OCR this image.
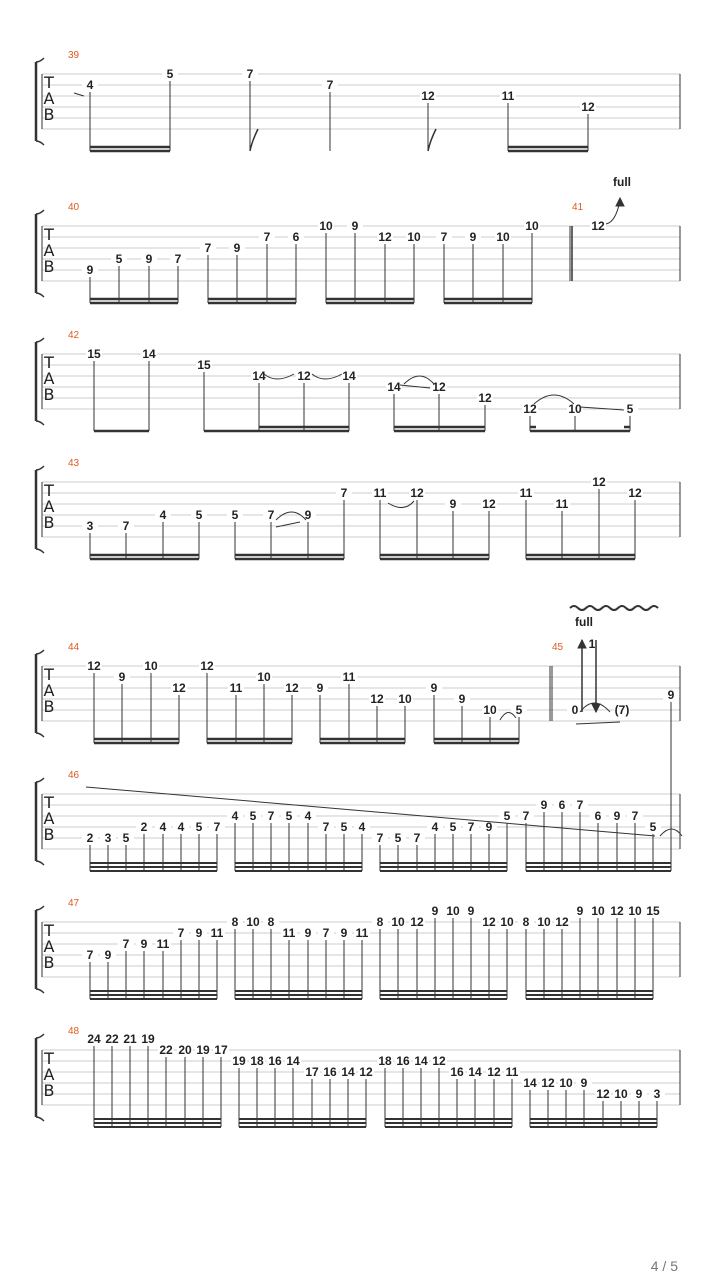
T
A
B
39
4
5	7
7
12	11
12
T
A
B
40	41
9
5 9 7
7 9
7 6
10 9
12 10 7 9 10
10	12
full
T
A
B
42
15	14
15
14	12	14
14	12
12
12	10	5
T
A
B
43
3 7
4 5 5 7	9
7 11 12
9 12
11
11
12
12
T
A
B
44	45
12
9
10
12
12
11
10
12 9
11
12 10
9
9
10 5
1
0	(7)
full
T
A
B
46
2 3 5
2 4 4 5 7
4 5 7 5 4
7 5 4
7 5 7
4 5 7 9
5 7
9 6 7
6 9 7
5
9
T
A
B
47
7 9
7 9 11
7 9 11
8 10 8
11 9 7 9 11
8 10 12
9 10 9
12 10 8 10 12
9 10 12 10 15
T
A
B
48
24 22 21 19
22 20 19 17
19 18 16 14
17 16 14 12
18 16 14 12
16 14 12 11
14 12 10 9
12 10 9 3
4 / 5
